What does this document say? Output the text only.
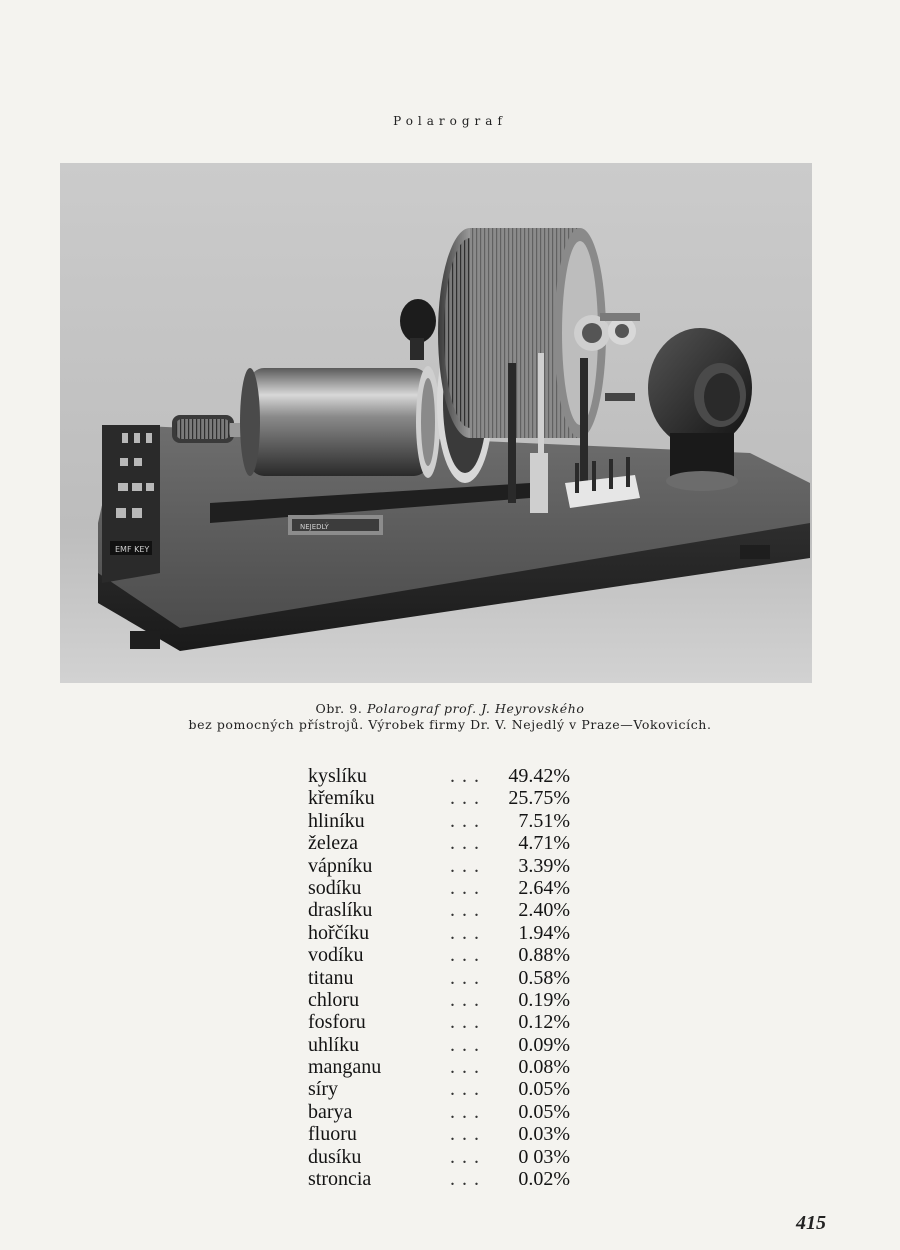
Polarograf
EMF KEY
NEJEDLÝ
Obr. 9. Polarograf prof. J. Heyrovského
bez pomocných přístrojů. Výrobek firmy Dr. V. Nejedlý v Praze—Vokovicích.
kyslíku	...	49.42%
křemíku	...	25.75%
hliníku	...	7.51%
železa	...	4.71%
vápníku	...	3.39%
sodíku	...	2.64%
draslíku	...	2.40%
hořčíku	...	1.94%
vodíku	...	0.88%
titanu	...	0.58%
chloru	...	0.19%
fosforu	...	0.12%
uhlíku	...	0.09%
manganu	...	0.08%
síry	...	0.05%
barya	...	0.05%
fluoru	...	0.03%
dusíku	...	0 03%
stroncia	...	0.02%
415
